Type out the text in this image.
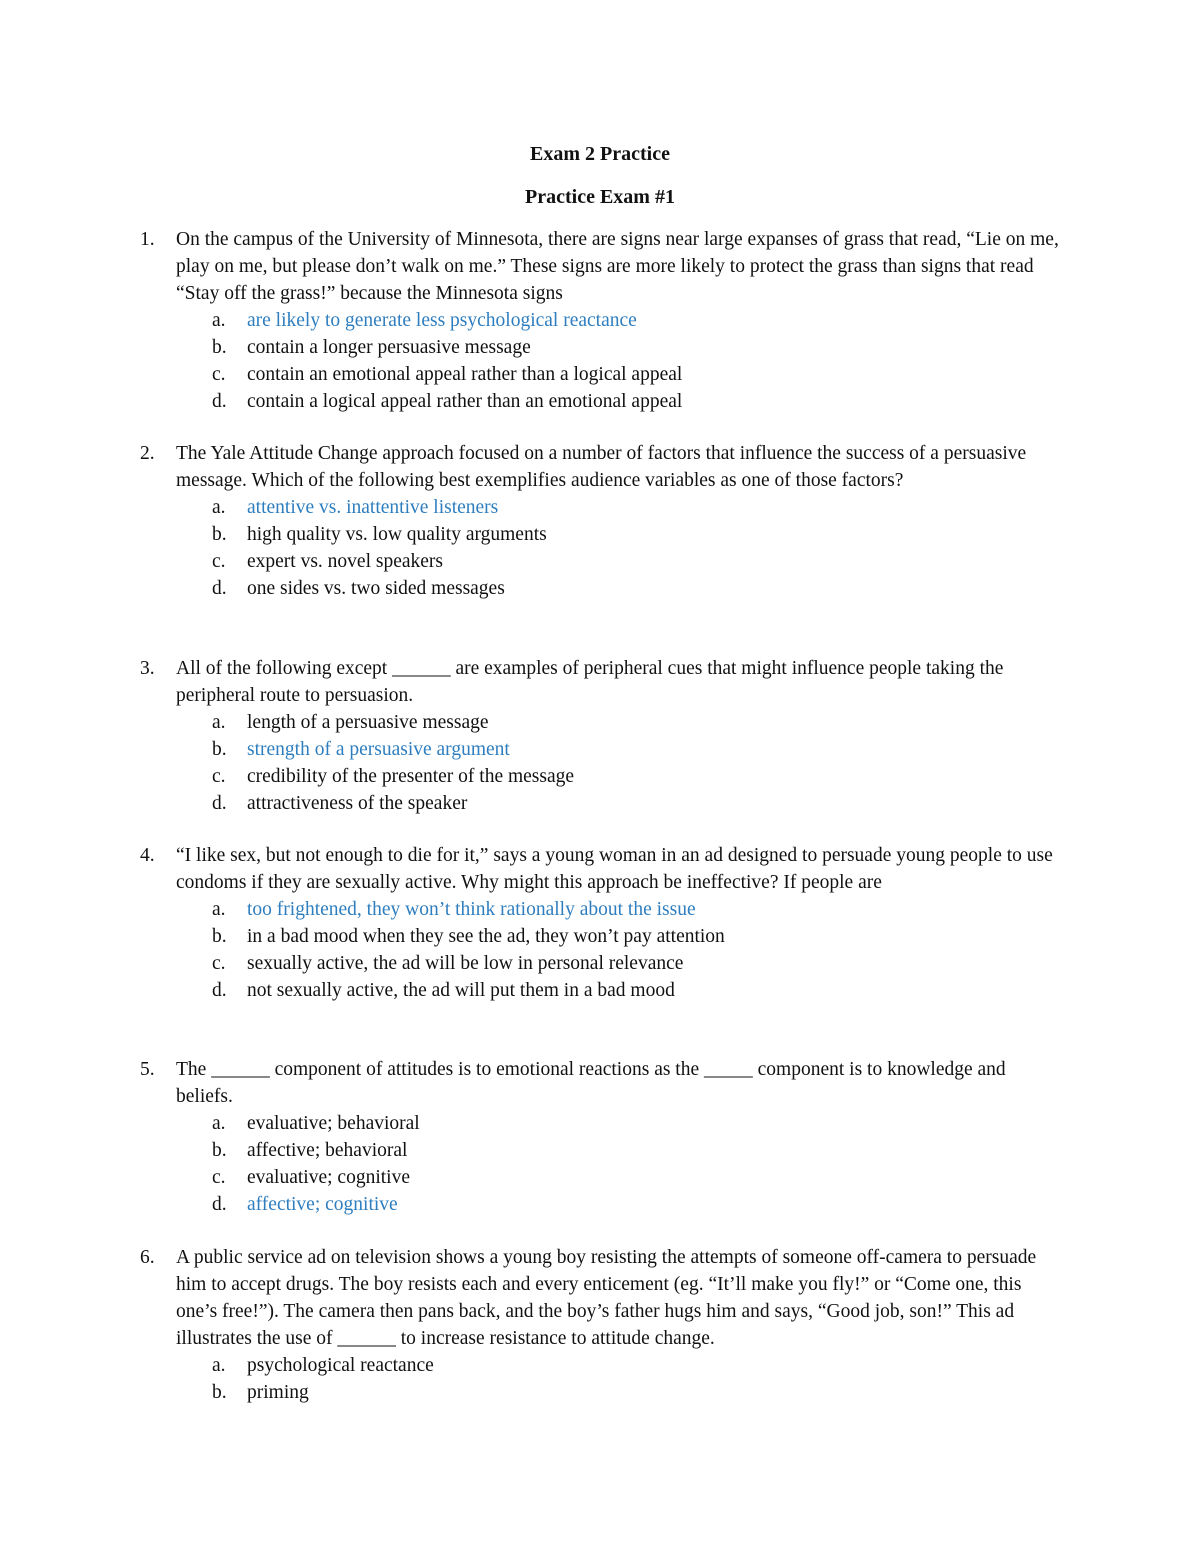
Exam 2 Practice
Practice Exam #1
1.	On the campus of the University of Minnesota, there are signs near large expanses of grass that read, “Lie on me, play on me, but please don’t walk on me.” These signs are more likely to protect the grass than signs that read “Stay off the grass!” because the Minnesota signs
a. are likely to generate less psychological reactance
b. contain a longer persuasive message
c. contain an emotional appeal rather than a logical appeal
d. contain a logical appeal rather than an emotional appeal
2.	The Yale Attitude Change approach focused on a number of factors that influence the success of a persuasive message. Which of the following best exemplifies audience variables as one of those factors?
a. attentive vs. inattentive listeners
b. high quality vs. low quality arguments
c. expert vs. novel speakers
d. one sides vs. two sided messages
3.	All of the following except ______ are examples of peripheral cues that might influence people taking the peripheral route to persuasion.
a. length of a persuasive message
b. strength of a persuasive argument
c. credibility of the presenter of the message
d. attractiveness of the speaker
4.	“I like sex, but not enough to die for it,” says a young woman in an ad designed to persuade young people to use condoms if they are sexually active. Why might this approach be ineffective? If people are
a. too frightened, they won’t think rationally about the issue
b. in a bad mood when they see the ad, they won’t pay attention
c. sexually active, the ad will be low in personal relevance
d. not sexually active, the ad will put them in a bad mood
5.	The ______ component of attitudes is to emotional reactions as the _____ component is to knowledge and beliefs.
a. evaluative; behavioral
b. affective; behavioral
c. evaluative; cognitive
d. affective; cognitive
6.	A public service ad on television shows a young boy resisting the attempts of someone off-camera to persuade him to accept drugs. The boy resists each and every enticement (eg. “It’ll make you fly!” or “Come one, this one’s free!”). The camera then pans back, and the boy’s father hugs him and says, “Good job, son!” This ad illustrates the use of ______ to increase resistance to attitude change.
a. psychological reactance
b. priming
